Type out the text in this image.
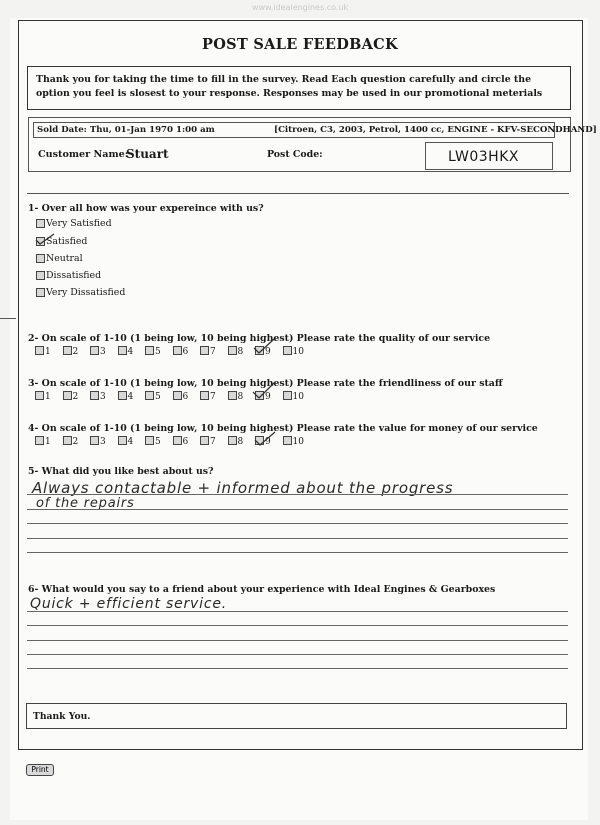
www.idealengines.co.uk
POST SALE FEEDBACK
Thank you for taking the time to fill in the survey. Read Each question carefully and circle the option you feel is slosest to your response. Responses may be used in our promotional meterials
Sold Date: Thu, 01-Jan 1970 1:00 am	[Citroen, C3, 2003, Petrol, 1400 cc, ENGINE - KFV-SECONDHAND]
Customer Name:
Stuart	Post Code:	LW03HKX
1- Over all how was your expereince with us?
Very Satisfied
Satisfied
Neutral
Dissatisfied
Very Dissatisfied
2- On scale of 1-10 (1 being low, 10 being highest) Please rate the quality of our service
1 2 3 4 5 6 7 8 9 10
3- On scale of 1-10 (1 being low, 10 being highest) Please rate the friendliness of our staff
1 2 3 4 5 6 7 8 9 10
4- On scale of 1-10 (1 being low, 10 being highest) Please rate the value for money of our service
1 2 3 4 5 6 7 8 9 10
5- What did you like best about us?
Always contactable + informed about the progress
of the repairs
6- What would you say to a friend about your experience with Ideal Engines & Gearboxes
Quick + efficient service.
Thank You.
Print
